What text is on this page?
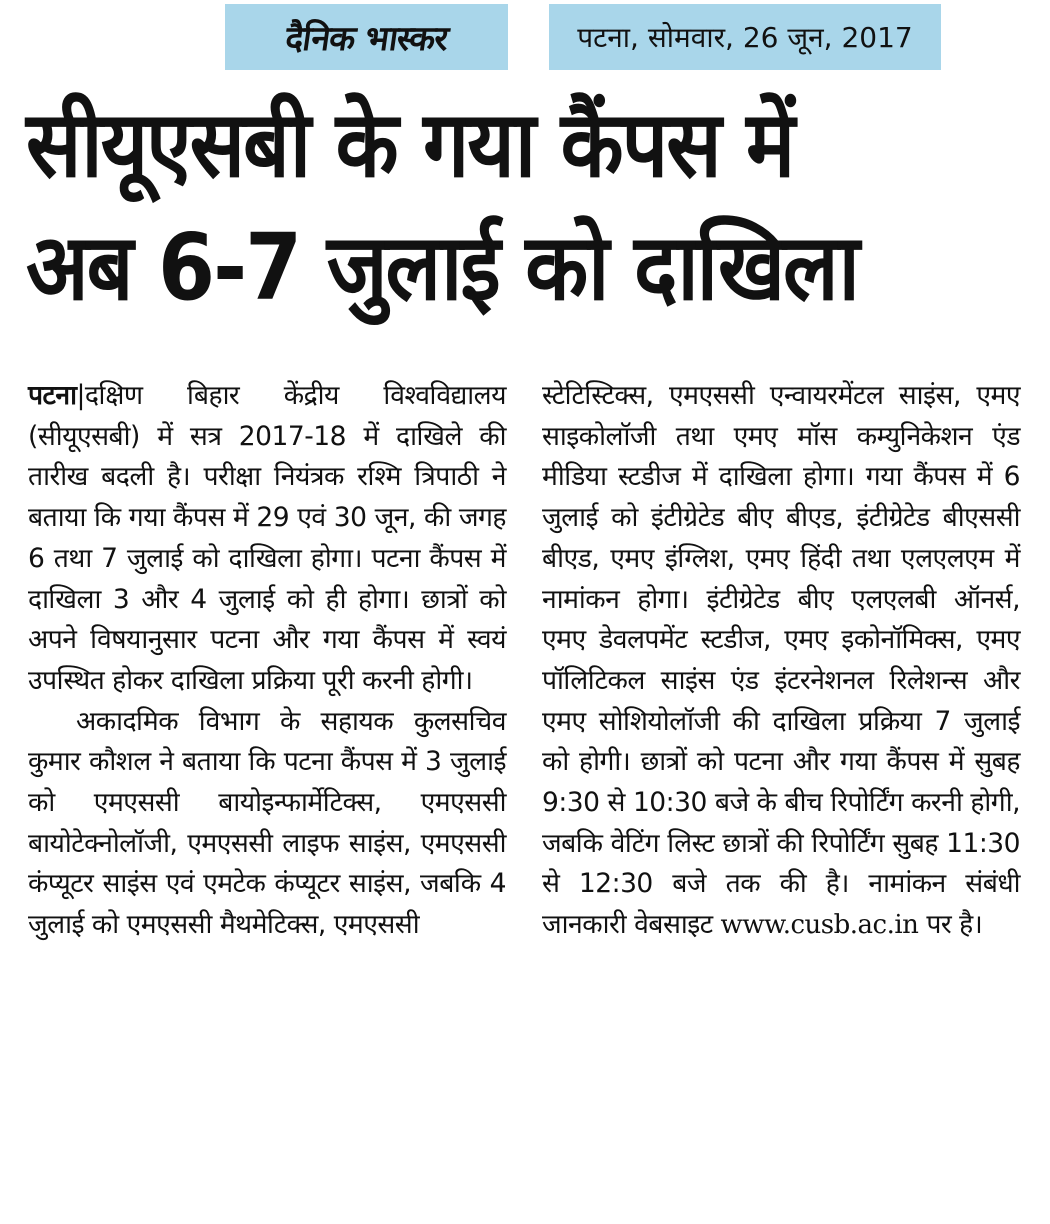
दैनिक भास्कर	पटना, सोमवार, 26 जून, 2017
सीयूएसबी के गया कैंपस में
अब 6-7 जुलाई को दाखिला

पटना|दक्षिण बिहार केंद्रीय विश्वविद्यालय (सीयूएसबी) में सत्र 2017-18 में दाखिले की तारीख बदली है। परीक्षा नियंत्रक रश्मि त्रिपाठी ने बताया कि गया कैंपस में 29 एवं 30 जून, की जगह 6 तथा 7 जुलाई को दाखिला होगा। पटना कैंपस में दाखिला 3 और 4 जुलाई को ही होगा। छात्रों को अपने विषयानुसार पटना और गया कैंपस में स्वयं उपस्थित होकर दाखिला प्रक्रिया पूरी करनी होगी।

अकादमिक विभाग के सहायक कुलसचिव कुमार कौशल ने बताया कि पटना कैंपस में 3 जुलाई को एमएससी बायोइन्फार्मेटिक्स, एमएससी बायोटेक्नोलॉजी, एमएससी लाइफ साइंस, एमएससी कंप्यूटर साइंस एवं एमटेक कंप्यूटर साइंस, जबकि 4 जुलाई को एमएससी मैथमेटिक्स, एमएससी

स्टेटिस्टिक्स, एमएससी एन्वायरमेंटल साइंस, एमए साइकोलॉजी तथा एमए मॉस कम्युनिकेशन एंड मीडिया स्टडीज में दाखिला होगा। गया कैंपस में 6 जुलाई को इंटीग्रेटेड बीए बीएड, इंटीग्रेटेड बीएससी बीएड, एमए इंग्लिश, एमए हिंदी तथा एलएलएम में नामांकन होगा। इंटीग्रेटेड बीए एलएलबी ऑनर्स, एमए डेवलपमेंट स्टडीज, एमए इकोनॉमिक्स, एमए पॉलिटिकल साइंस एंड इंटरनेशनल रिलेशन्स और एमए सोशियोलॉजी की दाखिला प्रक्रिया 7 जुलाई को होगी। छात्रों को पटना और गया कैंपस में सुबह 9:30 से 10:30 बजे के बीच रिपोर्टिंग करनी होगी, जबकि वेटिंग लिस्ट छात्रों की रिपोर्टिंग सुबह 11:30 से 12:30 बजे तक की है। नामांकन संबंधी जानकारी वेबसाइट www.cusb.ac.in पर है।
